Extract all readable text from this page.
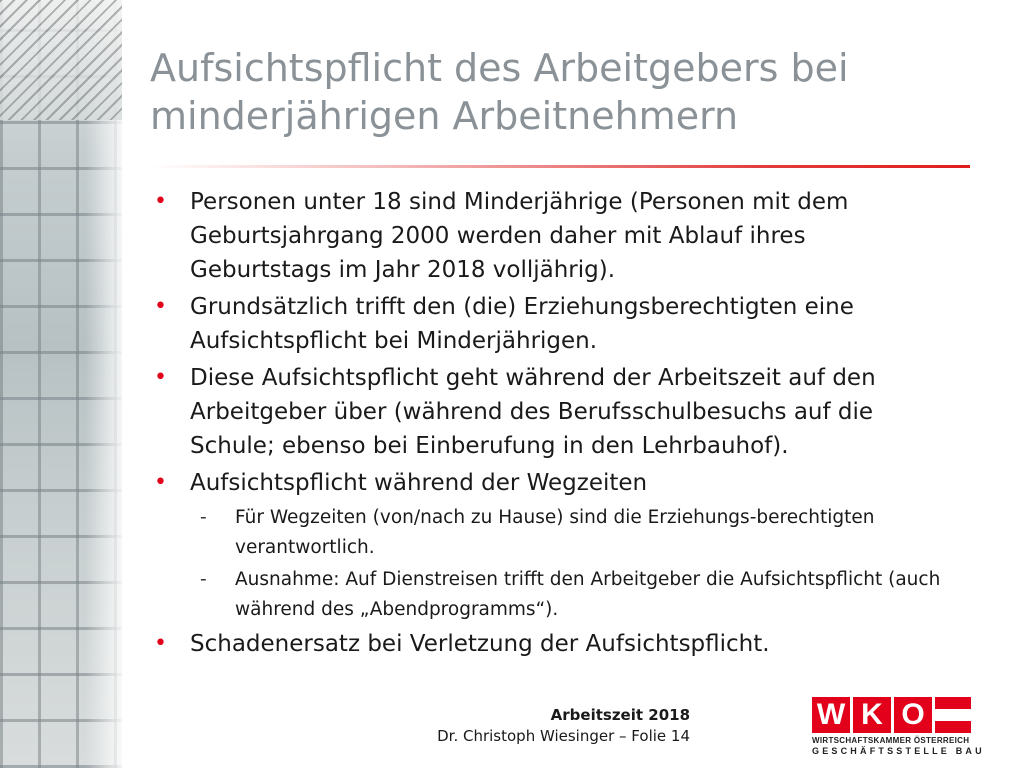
Aufsichtspflicht des Arbeitgebers bei minderjährigen Arbeitnehmern
• Personen unter 18 sind Minderjährige (Personen mit dem Geburtsjahrgang 2000 werden daher mit Ablauf ihres Geburtstags im Jahr 2018 volljährig).
• Grundsätzlich trifft den (die) Erziehungsberechtigten eine Aufsichtspflicht bei Minderjährigen.
• Diese Aufsichtspflicht geht während der Arbeitszeit auf den Arbeitgeber über (während des Berufsschulbesuchs auf die Schule; ebenso bei Einberufung in den Lehrbauhof).
• Aufsichtspflicht während der Wegzeiten
- Für Wegzeiten (von/nach zu Hause) sind die Erziehungs-berechtigten verantwortlich.
- Ausnahme: Auf Dienstreisen trifft den Arbeitgeber die Aufsichtspflicht (auch während des „Abendprogramms“).
• Schadenersatz bei Verletzung der Aufsichtspflicht.
Arbeitszeit 2018
Dr. Christoph Wiesinger – Folie 14
W K O
WIRTSCHAFTSKAMMER ÖSTERREICH
GESCHÄFTSSTELLE BAU
